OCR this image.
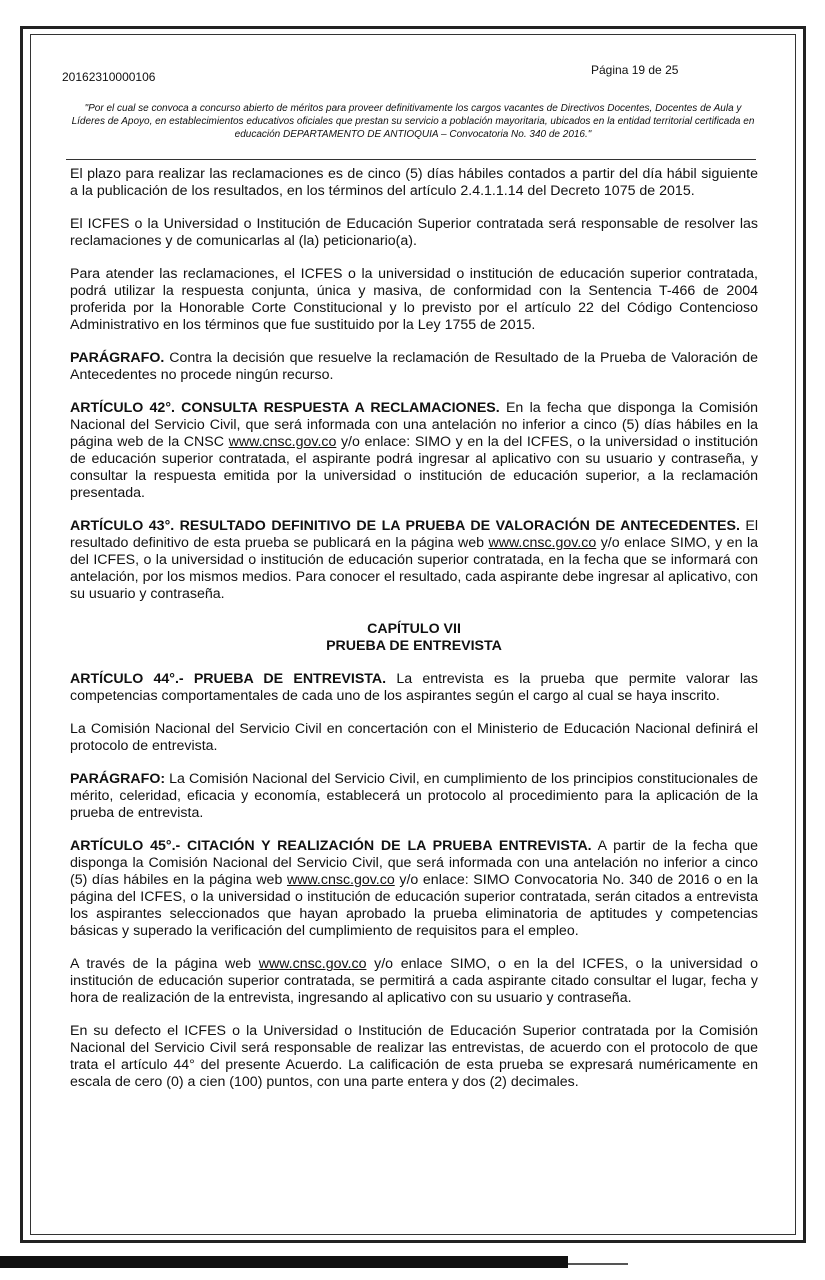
20162310000106	Página 19 de 25
"Por el cual se convoca a concurso abierto de méritos para proveer definitivamente los cargos vacantes de Directivos Docentes, Docentes de Aula y Líderes de Apoyo, en establecimientos educativos oficiales que prestan su servicio a población mayoritaria, ubicados en la entidad territorial certificada en educación DEPARTAMENTO DE ANTIOQUIA – Convocatoria No. 340 de 2016."

El plazo para realizar las reclamaciones es de cinco (5) días hábiles contados a partir del día hábil siguiente a la publicación de los resultados, en los términos del artículo 2.4.1.1.14 del Decreto 1075 de 2015.

El ICFES o la Universidad o Institución de Educación Superior contratada será responsable de resolver las reclamaciones y de comunicarlas al (la) peticionario(a).

Para atender las reclamaciones, el ICFES o la universidad o institución de educación superior contratada, podrá utilizar la respuesta conjunta, única y masiva, de conformidad con la Sentencia T-466 de 2004 proferida por la Honorable Corte Constitucional y lo previsto por el artículo 22 del Código Contencioso Administrativo en los términos que fue sustituido por la Ley 1755 de 2015.

PARÁGRAFO. Contra la decisión que resuelve la reclamación de Resultado de la Prueba de Valoración de Antecedentes no procede ningún recurso.

ARTÍCULO 42°. CONSULTA RESPUESTA A RECLAMACIONES. En la fecha que disponga la Comisión Nacional del Servicio Civil, que será informada con una antelación no inferior a cinco (5) días hábiles en la página web de la CNSC www.cnsc.gov.co y/o enlace: SIMO y en la del ICFES, o la universidad o institución de educación superior contratada, el aspirante podrá ingresar al aplicativo con su usuario y contraseña, y consultar la respuesta emitida por la universidad o institución de educación superior, a la reclamación presentada.

ARTÍCULO 43°. RESULTADO DEFINITIVO DE LA PRUEBA DE VALORACIÓN DE ANTECEDENTES. El resultado definitivo de esta prueba se publicará en la página web www.cnsc.gov.co y/o enlace SIMO, y en la del ICFES, o la universidad o institución de educación superior contratada, en la fecha que se informará con antelación, por los mismos medios. Para conocer el resultado, cada aspirante debe ingresar al aplicativo, con su usuario y contraseña.

CAPÍTULO VII
PRUEBA DE ENTREVISTA

ARTÍCULO 44°.- PRUEBA DE ENTREVISTA. La entrevista es la prueba que permite valorar las competencias comportamentales de cada uno de los aspirantes según el cargo al cual se haya inscrito.

La Comisión Nacional del Servicio Civil en concertación con el Ministerio de Educación Nacional definirá el protocolo de entrevista.

PARÁGRAFO: La Comisión Nacional del Servicio Civil, en cumplimiento de los principios constitucionales de mérito, celeridad, eficacia y economía, establecerá un protocolo al procedimiento para la aplicación de la prueba de entrevista.

ARTÍCULO 45°.- CITACIÓN Y REALIZACIÓN DE LA PRUEBA ENTREVISTA. A partir de la fecha que disponga la Comisión Nacional del Servicio Civil, que será informada con una antelación no inferior a cinco (5) días hábiles en la página web www.cnsc.gov.co y/o enlace: SIMO Convocatoria No. 340 de 2016 o en la página del ICFES, o la universidad o institución de educación superior contratada, serán citados a entrevista los aspirantes seleccionados que hayan aprobado la prueba eliminatoria de aptitudes y competencias básicas y superado la verificación del cumplimiento de requisitos para el empleo.

A través de la página web www.cnsc.gov.co y/o enlace SIMO, o en la del ICFES, o la universidad o institución de educación superior contratada, se permitirá a cada aspirante citado consultar el lugar, fecha y hora de realización de la entrevista, ingresando al aplicativo con su usuario y contraseña.

En su defecto el ICFES o la Universidad o Institución de Educación Superior contratada por la Comisión Nacional del Servicio Civil será responsable de realizar las entrevistas, de acuerdo con el protocolo de que trata el artículo 44° del presente Acuerdo. La calificación de esta prueba se expresará numéricamente en escala de cero (0) a cien (100) puntos, con una parte entera y dos (2) decimales.
